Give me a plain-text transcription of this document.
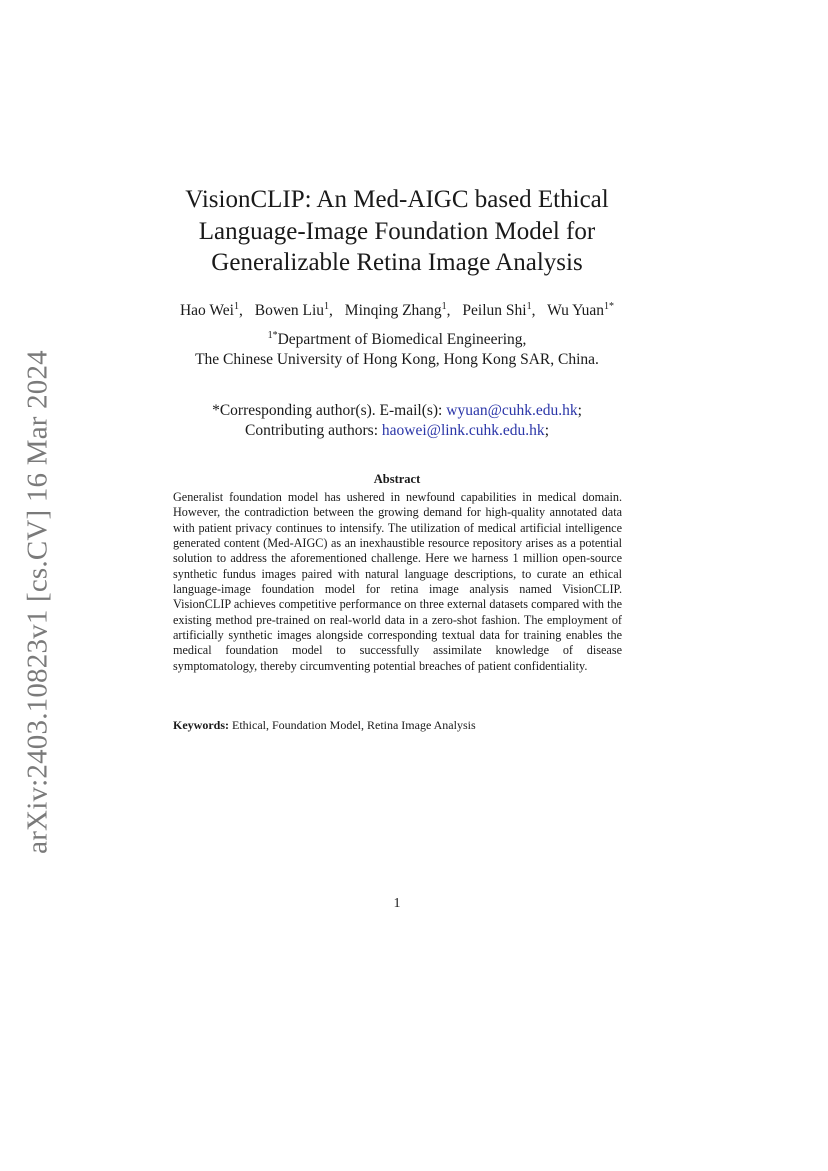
arXiv:2403.10823v1 [cs.CV] 16 Mar 2024
VisionCLIP: An Med-AIGC based Ethical
Language-Image Foundation Model for
Generalizable Retina Image Analysis
Hao Wei$^1$, Bowen Liu$^1$, Minqing Zhang$^1$, Peilun Shi$^1$, Wu Yuan$^{1*}$
$^{1*}$Department of Biomedical Engineering,
The Chinese University of Hong Kong, Hong Kong SAR, China.
*Corresponding author(s). E-mail(s): wyuan@cuhk.edu.hk;
Contributing authors: haowei@link.cuhk.edu.hk;
Abstract
Generalist foundation model has ushered in newfound capabilities in medical domain. However, the contradiction between the growing demand for high-quality annotated data with patient privacy continues to intensify. The utilization of medical artificial intelligence generated content (Med-AIGC) as an inexhaustible resource repository arises as a potential solution to address the aforementioned challenge. Here we harness 1 million open-source synthetic fundus images paired with natural language descriptions, to curate an ethical language-image foundation model for retina image analysis named VisionCLIP. VisionCLIP achieves competitive performance on three external datasets compared with the existing method pre-trained on real-world data in a zero-shot fashion. The employment of artificially synthetic images alongside corresponding textual data for training enables the medical foundation model to successfully assimilate knowledge of disease symptomatology, thereby circumventing potential breaches of patient confidentiality.
Keywords: Ethical, Foundation Model, Retina Image Analysis
1
